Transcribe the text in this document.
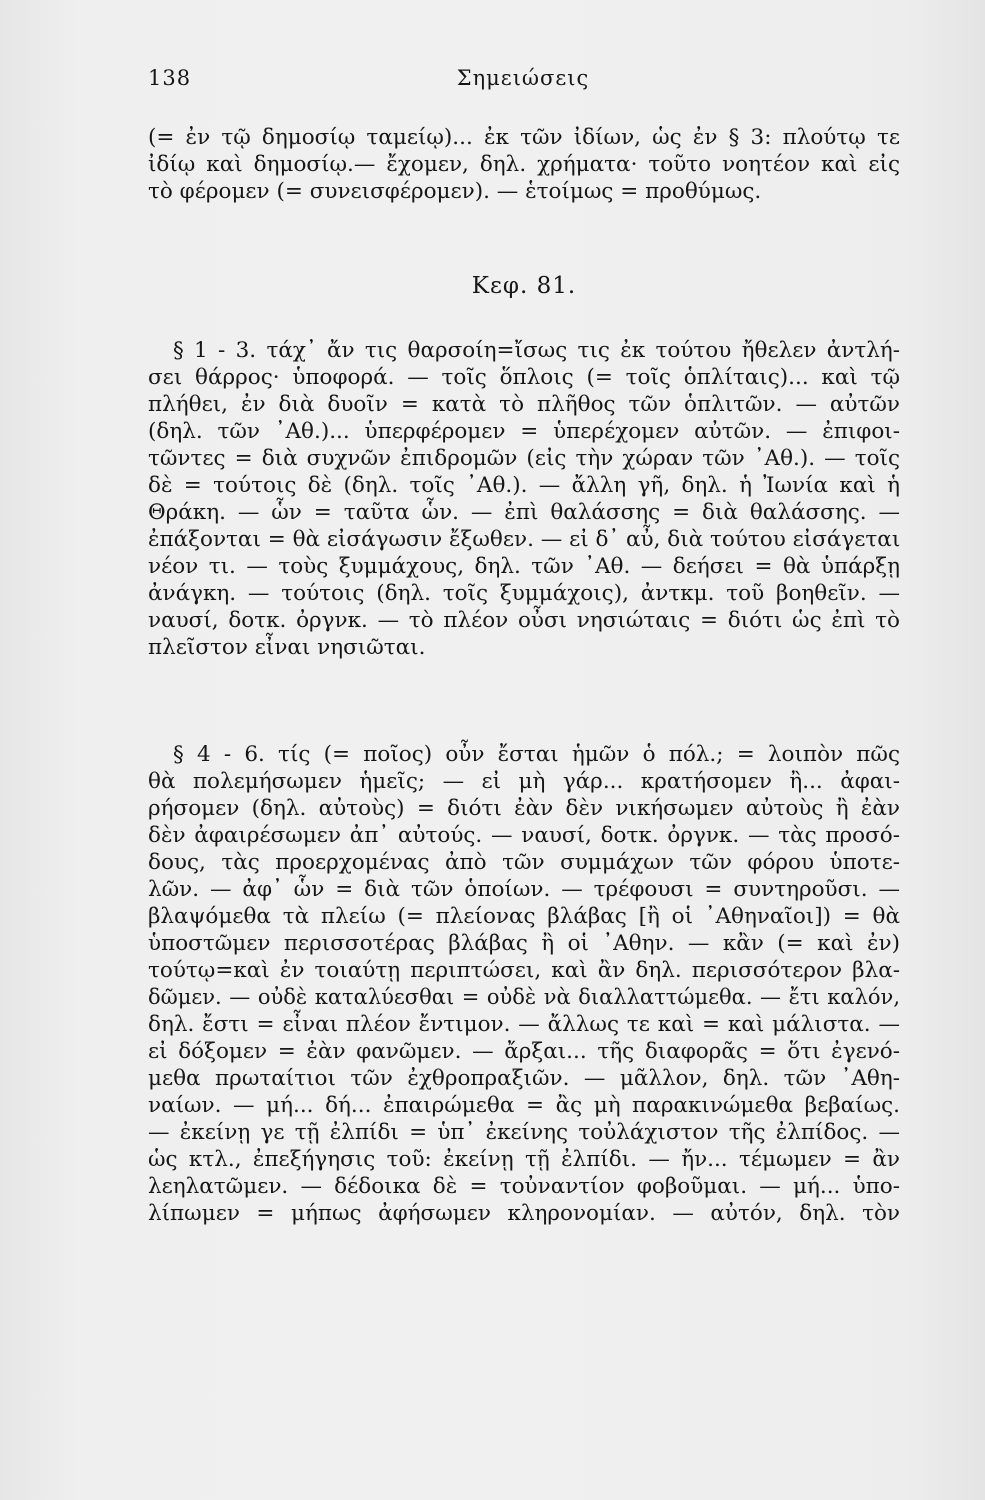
138	Σημειώσεις
(= ἐν τῷ δημοσίῳ ταμείῳ)... ἐκ τῶν ἰδίων, ὡς ἐν § 3: πλούτῳ τε
ἰδίῳ καὶ δημοσίῳ.— ἔχομεν, δηλ. χρήματα· τοῦτο νοητέον καὶ εἰς
τὸ φέρομεν (= συνεισφέρομεν). — ἑτοίμως = προθύμως.
Κεφ. 81.
§ 1 - 3. τάχ᾽ ἄν τις θαρσοίη=ἴσως τις ἐκ τούτου ἤθελεν ἀντλή-
σει θάρρος· ὑποφορά. — τοῖς ὅπλοις (= τοῖς ὁπλίταις)... καὶ τῷ
πλήθει, ἐν διὰ δυοῖν = κατὰ τὸ πλῆθος τῶν ὁπλιτῶν. — αὐτῶν
(δηλ. τῶν ᾿Αθ.)... ὑπερφέρομεν = ὑπερέχομεν αὐτῶν. — ἐπιφοι-
τῶντες = διὰ συχνῶν ἐπιδρομῶν (εἰς τὴν χώραν τῶν ᾿Αθ.). — τοῖς
δὲ = τούτοις δὲ (δηλ. τοῖς ᾿Αθ.). — ἄλλη γῆ, δηλ. ἡ Ἰωνία καὶ ἡ
Θράκη. — ὧν = ταῦτα ὧν. — ἐπὶ θαλάσσης = διὰ θαλάσσης. —
ἐπάξονται = θὰ εἰσάγωσιν ἔξωθεν. — εἰ δ᾽ αὖ, διὰ τούτου εἰσάγεται
νέον τι. — τοὺς ξυμμάχους, δηλ. τῶν ᾿Αθ. — δεήσει = θὰ ὑπάρξῃ
ἀνάγκη. — τούτοις (δηλ. τοῖς ξυμμάχοις), ἀντκμ. τοῦ βοηθεῖν. —
ναυσί, δοτκ. ὀργνκ. — τὸ πλέον οὖσι νησιώταις = διότι ὡς ἐπὶ τὸ
πλεῖστον εἶναι νησιῶται.
§ 4 - 6. τίς (= ποῖος) οὖν ἔσται ἡμῶν ὁ πόλ.; = λοιπὸν πῶς
θὰ πολεμήσωμεν ἡμεῖς; — εἰ μὴ γάρ... κρατήσομεν ἢ... ἀφαι-
ρήσομεν (δηλ. αὐτοὺς) = διότι ἐὰν δὲν νικήσωμεν αὐτοὺς ἢ ἐὰν
δὲν ἀφαιρέσωμεν ἀπ᾽ αὐτούς. — ναυσί, δοτκ. ὀργνκ. — τὰς προσό-
δους, τὰς προερχομένας ἀπὸ τῶν συμμάχων τῶν φόρου ὑποτε-
λῶν. — ἀφ᾽ ὧν = διὰ τῶν ὁποίων. — τρέφουσι = συντηροῦσι. —
βλαψόμεθα τὰ πλείω (= πλείονας βλάβας [ἢ οἱ ᾿Αθηναῖοι]) = θὰ
ὑποστῶμεν περισσοτέρας βλάβας ἢ οἱ ᾿Αθην. — κἂν (= καὶ ἐν)
τούτῳ=καὶ ἐν τοιαύτῃ περιπτώσει, καὶ ἂν δηλ. περισσότερον βλα-
δῶμεν. — οὐδὲ καταλύεσθαι = οὐδὲ νὰ διαλλαττώμεθα. — ἔτι καλόν,
δηλ. ἔστι = εἶναι πλέον ἔντιμον. — ἄλλως τε καὶ = καὶ μάλιστα. —
εἰ δόξομεν = ἐὰν φανῶμεν. — ἄρξαι... τῆς διαφορᾶς = ὅτι ἐγενό-
μεθα πρωταίτιοι τῶν ἐχθροπραξιῶν. — μᾶλλον, δηλ. τῶν ᾿Αθη-
ναίων. — μή... δή... ἐπαιρώμεθα = ἂς μὴ παρακινώμεθα βεβαίως.
— ἐκείνῃ γε τῇ ἐλπίδι = ὑπ᾽ ἐκείνης τοὐλάχιστον τῆς ἐλπίδος. —
ὡς κτλ., ἐπεξήγησις τοῦ: ἐκείνῃ τῇ ἐλπίδι. — ἤν... τέμωμεν = ἂν
λεηλατῶμεν. — δέδοικα δὲ = τοὐναντίον φοβοῦμαι. — μή... ὑπο-
λίπωμεν = μήπως ἀφήσωμεν κληρονομίαν. — αὐτόν, δηλ. τὸν
